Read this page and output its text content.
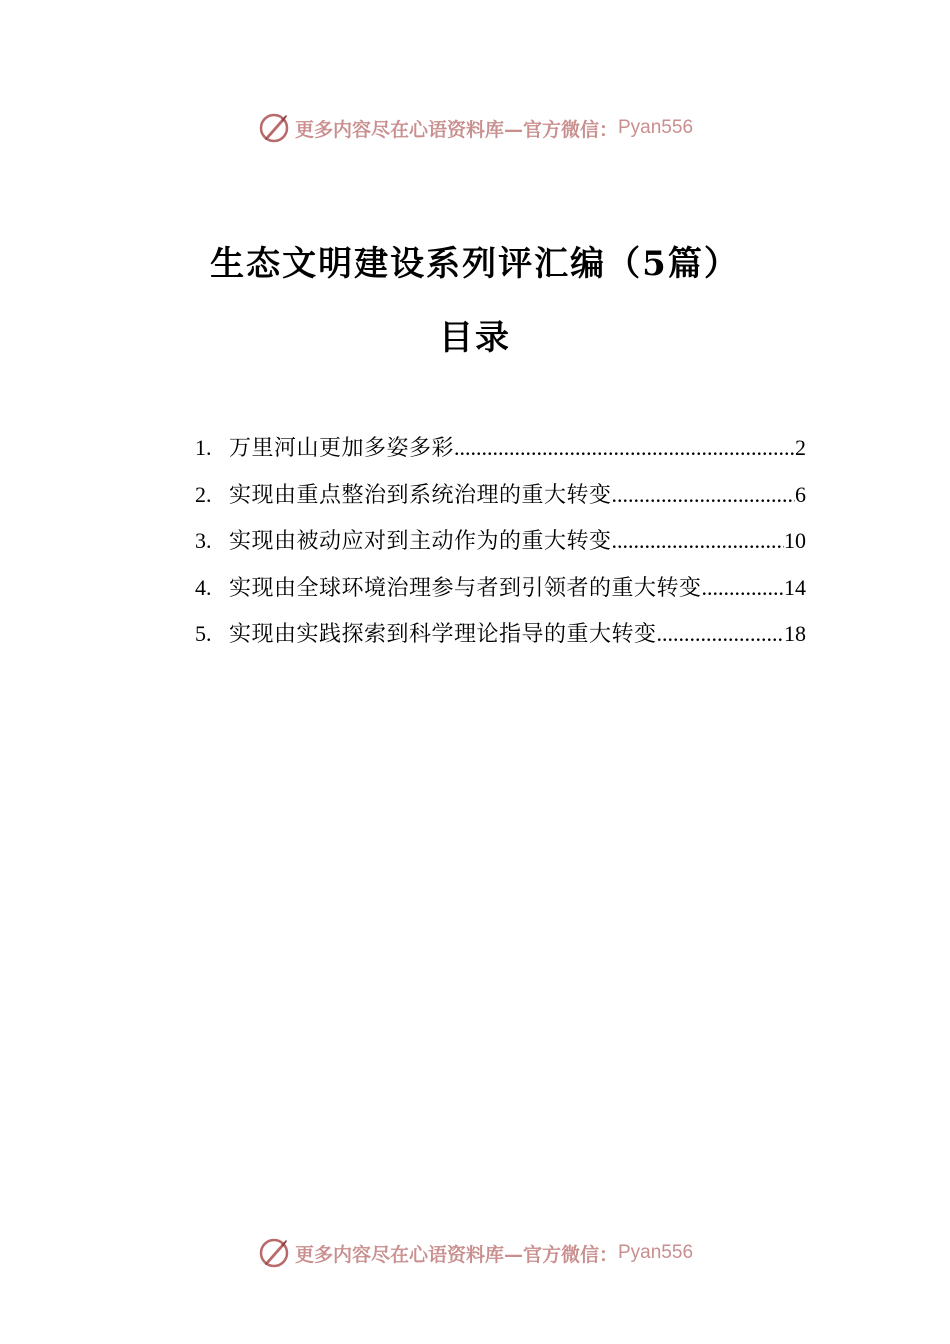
更多内容尽在心语资料库—官方微信： Pyan556
生态文明建设系列评汇编（5篇）
目录
1. 万里河山更加多姿多彩 .....	2
2. 实现由重点整治到系统治理的重大转变 .....	6
3. 实现由被动应对到主动作为的重大转变 .....	10
4. 实现由全球环境治理参与者到引领者的重大转变 .....	14
5. 实现由实践探索到科学理论指导的重大转变 .....	18
更多内容尽在心语资料库—官方微信： Pyan556
